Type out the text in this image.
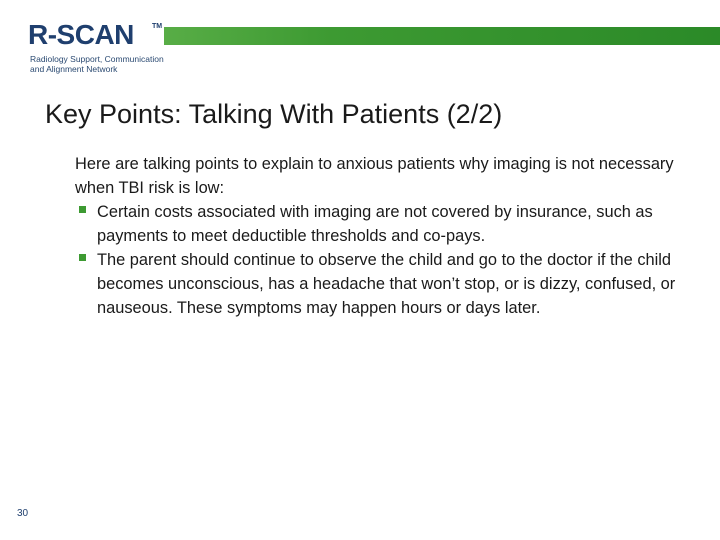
R-SCAN	TM
Radiology Support, Communication
and Alignment Network
Key Points: Talking With Patients (2/2)

Here are talking points to explain to anxious patients why imaging is not necessary when TBI risk is low:

Certain costs associated with imaging are not covered by insurance, such as payments to meet deductible thresholds and co-pays.
The parent should continue to observe the child and go to the doctor if the child becomes unconscious, has a headache that won’t stop, or is dizzy, confused, or nauseous. These symptoms may happen hours or days later.
30
